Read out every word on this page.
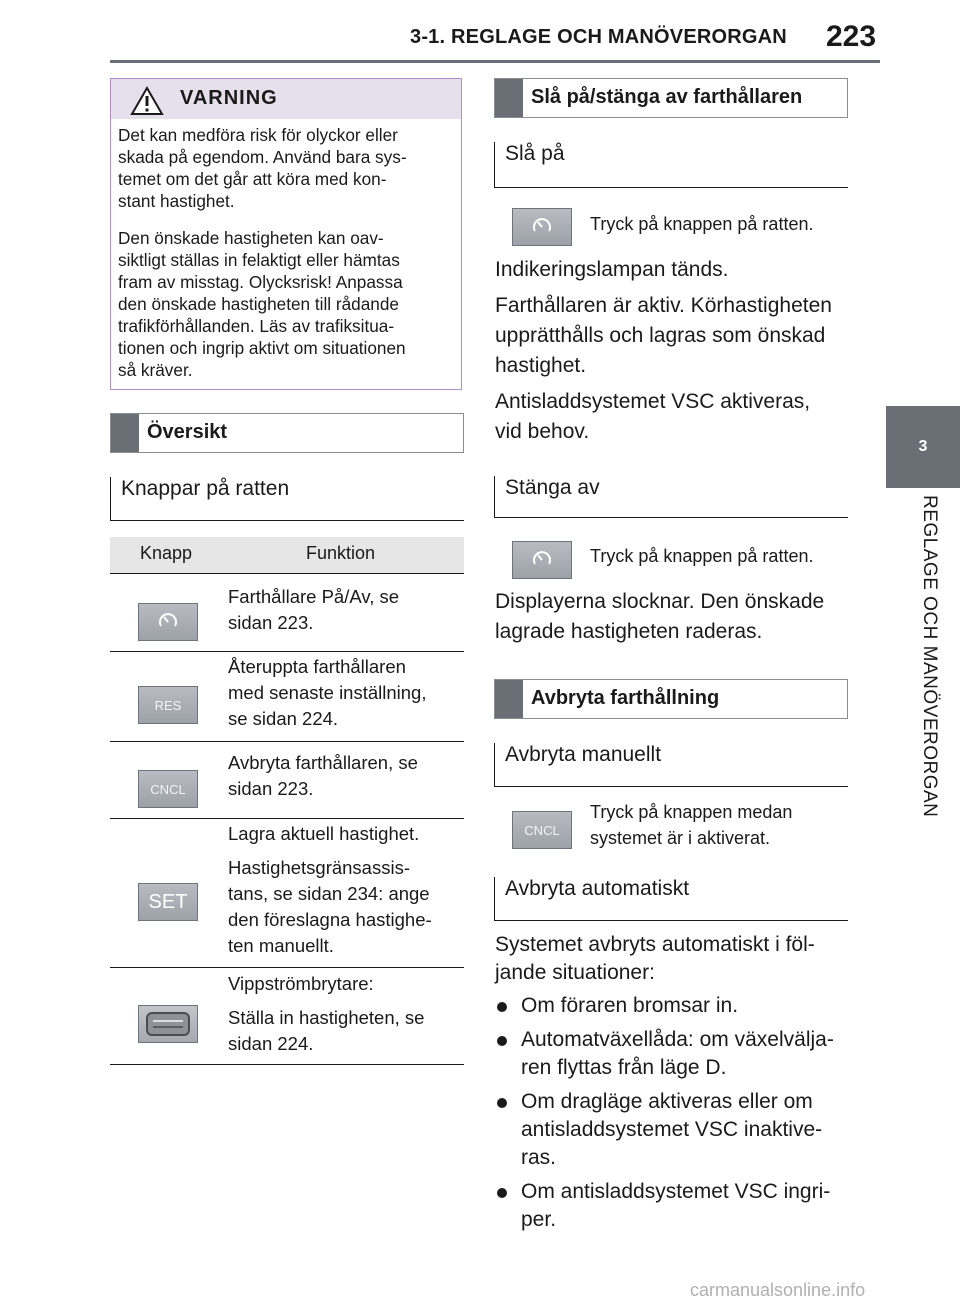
3-1. REGLAGE OCH MANÖVERORGAN 223
3
REGLAGE OCH MANÖVERORGAN
VARNING
Det kan medföra risk för olyckor eller
skada på egendom. Använd bara sys-
temet om det går att köra med kon-
stant hastighet.
Den önskade hastigheten kan oav-
siktligt ställas in felaktigt eller hämtas
fram av misstag. Olycksrisk! Anpassa
den önskade hastigheten till rådande
trafikförhållanden. Läs av trafiksitua-
tionen och ingrip aktivt om situationen
så kräver.
Översikt
Knappar på ratten
Knapp	Funktion
Farthållare På/Av, se
sidan 223.
RES
Återuppta farthållaren
med senaste inställning,
se sidan 224.
CNCL
Avbryta farthållaren, se
sidan 223.
SET
Lagra aktuell hastighet.
Hastighetsgränsassis-
tans, se sidan 234: ange
den föreslagna hastighe-
ten manuellt.
Vippströmbrytare:
Ställa in hastigheten, se
sidan 224.
Slå på/stänga av farthållaren
Slå på
Tryck på knappen på ratten.
Indikeringslampan tänds.
Farthållaren är aktiv. Körhastigheten
upprätthålls och lagras som önskad
hastighet.
Antisladdsystemet VSC aktiveras,
vid behov.
Stänga av
Tryck på knappen på ratten.
Displayerna slocknar. Den önskade
lagrade hastigheten raderas.
Avbryta farthållning
Avbryta manuellt
CNCL
Tryck på knappen medan
systemet är i aktiverat.
Avbryta automatiskt
Systemet avbryts automatiskt i föl-
jande situationer:
Om föraren bromsar in.
Automatväxellåda: om växelvälja-
ren flyttas från läge D.
Om dragläge aktiveras eller om
antisladdsystemet VSC inaktive-
ras.
Om antisladdsystemet VSC ingri-
per.
carmanualsonline.info
